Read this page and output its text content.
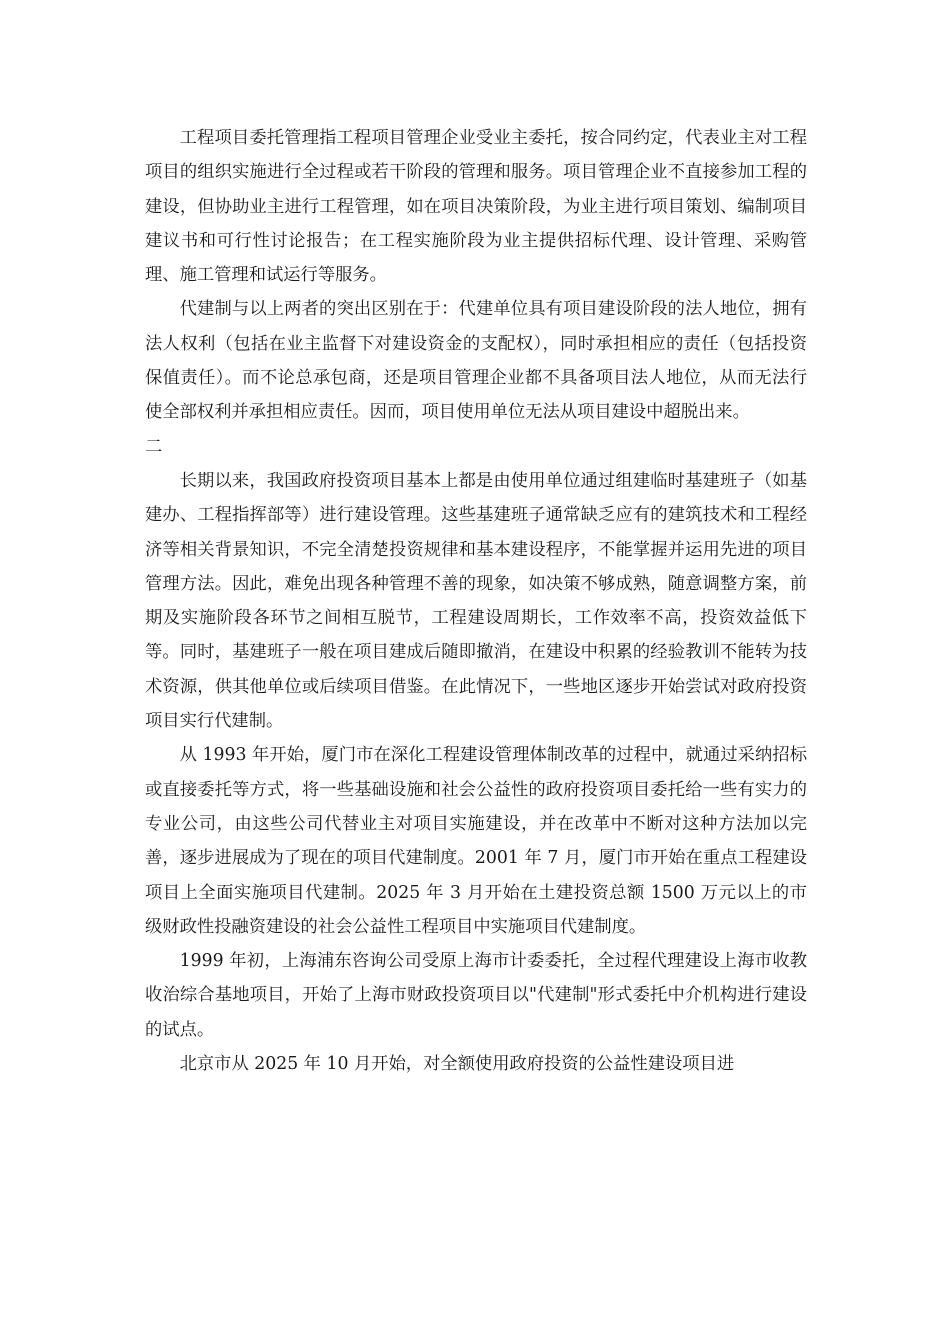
工程项目委托管理指工程项目管理企业受业主委托，按合同约定，代表业主对工程项目的组织实施进行全过程或若干阶段的管理和服务。项目管理企业不直接参加工程的建设，但协助业主进行工程管理，如在项目决策阶段，为业主进行项目策划、编制项目建议书和可行性讨论报告；在工程实施阶段为业主提供招标代理、设计管理、采购管理、施工管理和试运行等服务。

代建制与以上两者的突出区别在于：代建单位具有项目建设阶段的法人地位，拥有法人权利（包括在业主监督下对建设资金的支配权），同时承担相应的责任（包括投资保值责任）。而不论总承包商，还是项目管理企业都不具备项目法人地位，从而无法行使全部权利并承担相应责任。因而，项目使用单位无法从项目建设中超脱出来。

二

长期以来，我国政府投资项目基本上都是由使用单位通过组建临时基建班子（如基建办、工程指挥部等）进行建设管理。这些基建班子通常缺乏应有的建筑技术和工程经济等相关背景知识，不完全清楚投资规律和基本建设程序，不能掌握并运用先进的项目管理方法。因此，难免出现各种管理不善的现象，如决策不够成熟，随意调整方案，前期及实施阶段各环节之间相互脱节，工程建设周期长，工作效率不高，投资效益低下等。同时，基建班子一般在项目建成后随即撤消，在建设中积累的经验教训不能转为技术资源，供其他单位或后续项目借鉴。在此情况下，一些地区逐步开始尝试对政府投资项目实行代建制。

从 1993 年开始，厦门市在深化工程建设管理体制改革的过程中，就通过采纳招标或直接委托等方式，将一些基础设施和社会公益性的政府投资项目委托给一些有实力的专业公司，由这些公司代替业主对项目实施建设，并在改革中不断对这种方法加以完善，逐步进展成为了现在的项目代建制度。2001 年 7 月，厦门市开始在重点工程建设项目上全面实施项目代建制。2025 年 3 月开始在土建投资总额 1500 万元以上的市级财政性投融资建设的社会公益性工程项目中实施项目代建制度。

1999 年初，上海浦东咨询公司受原上海市计委委托，全过程代理建设上海市收教收治综合基地项目，开始了上海市财政投资项目以"代建制"形式委托中介机构进行建设的试点。

北京市从 2025 年 10 月开始，对全额使用政府投资的公益性建设项目进
